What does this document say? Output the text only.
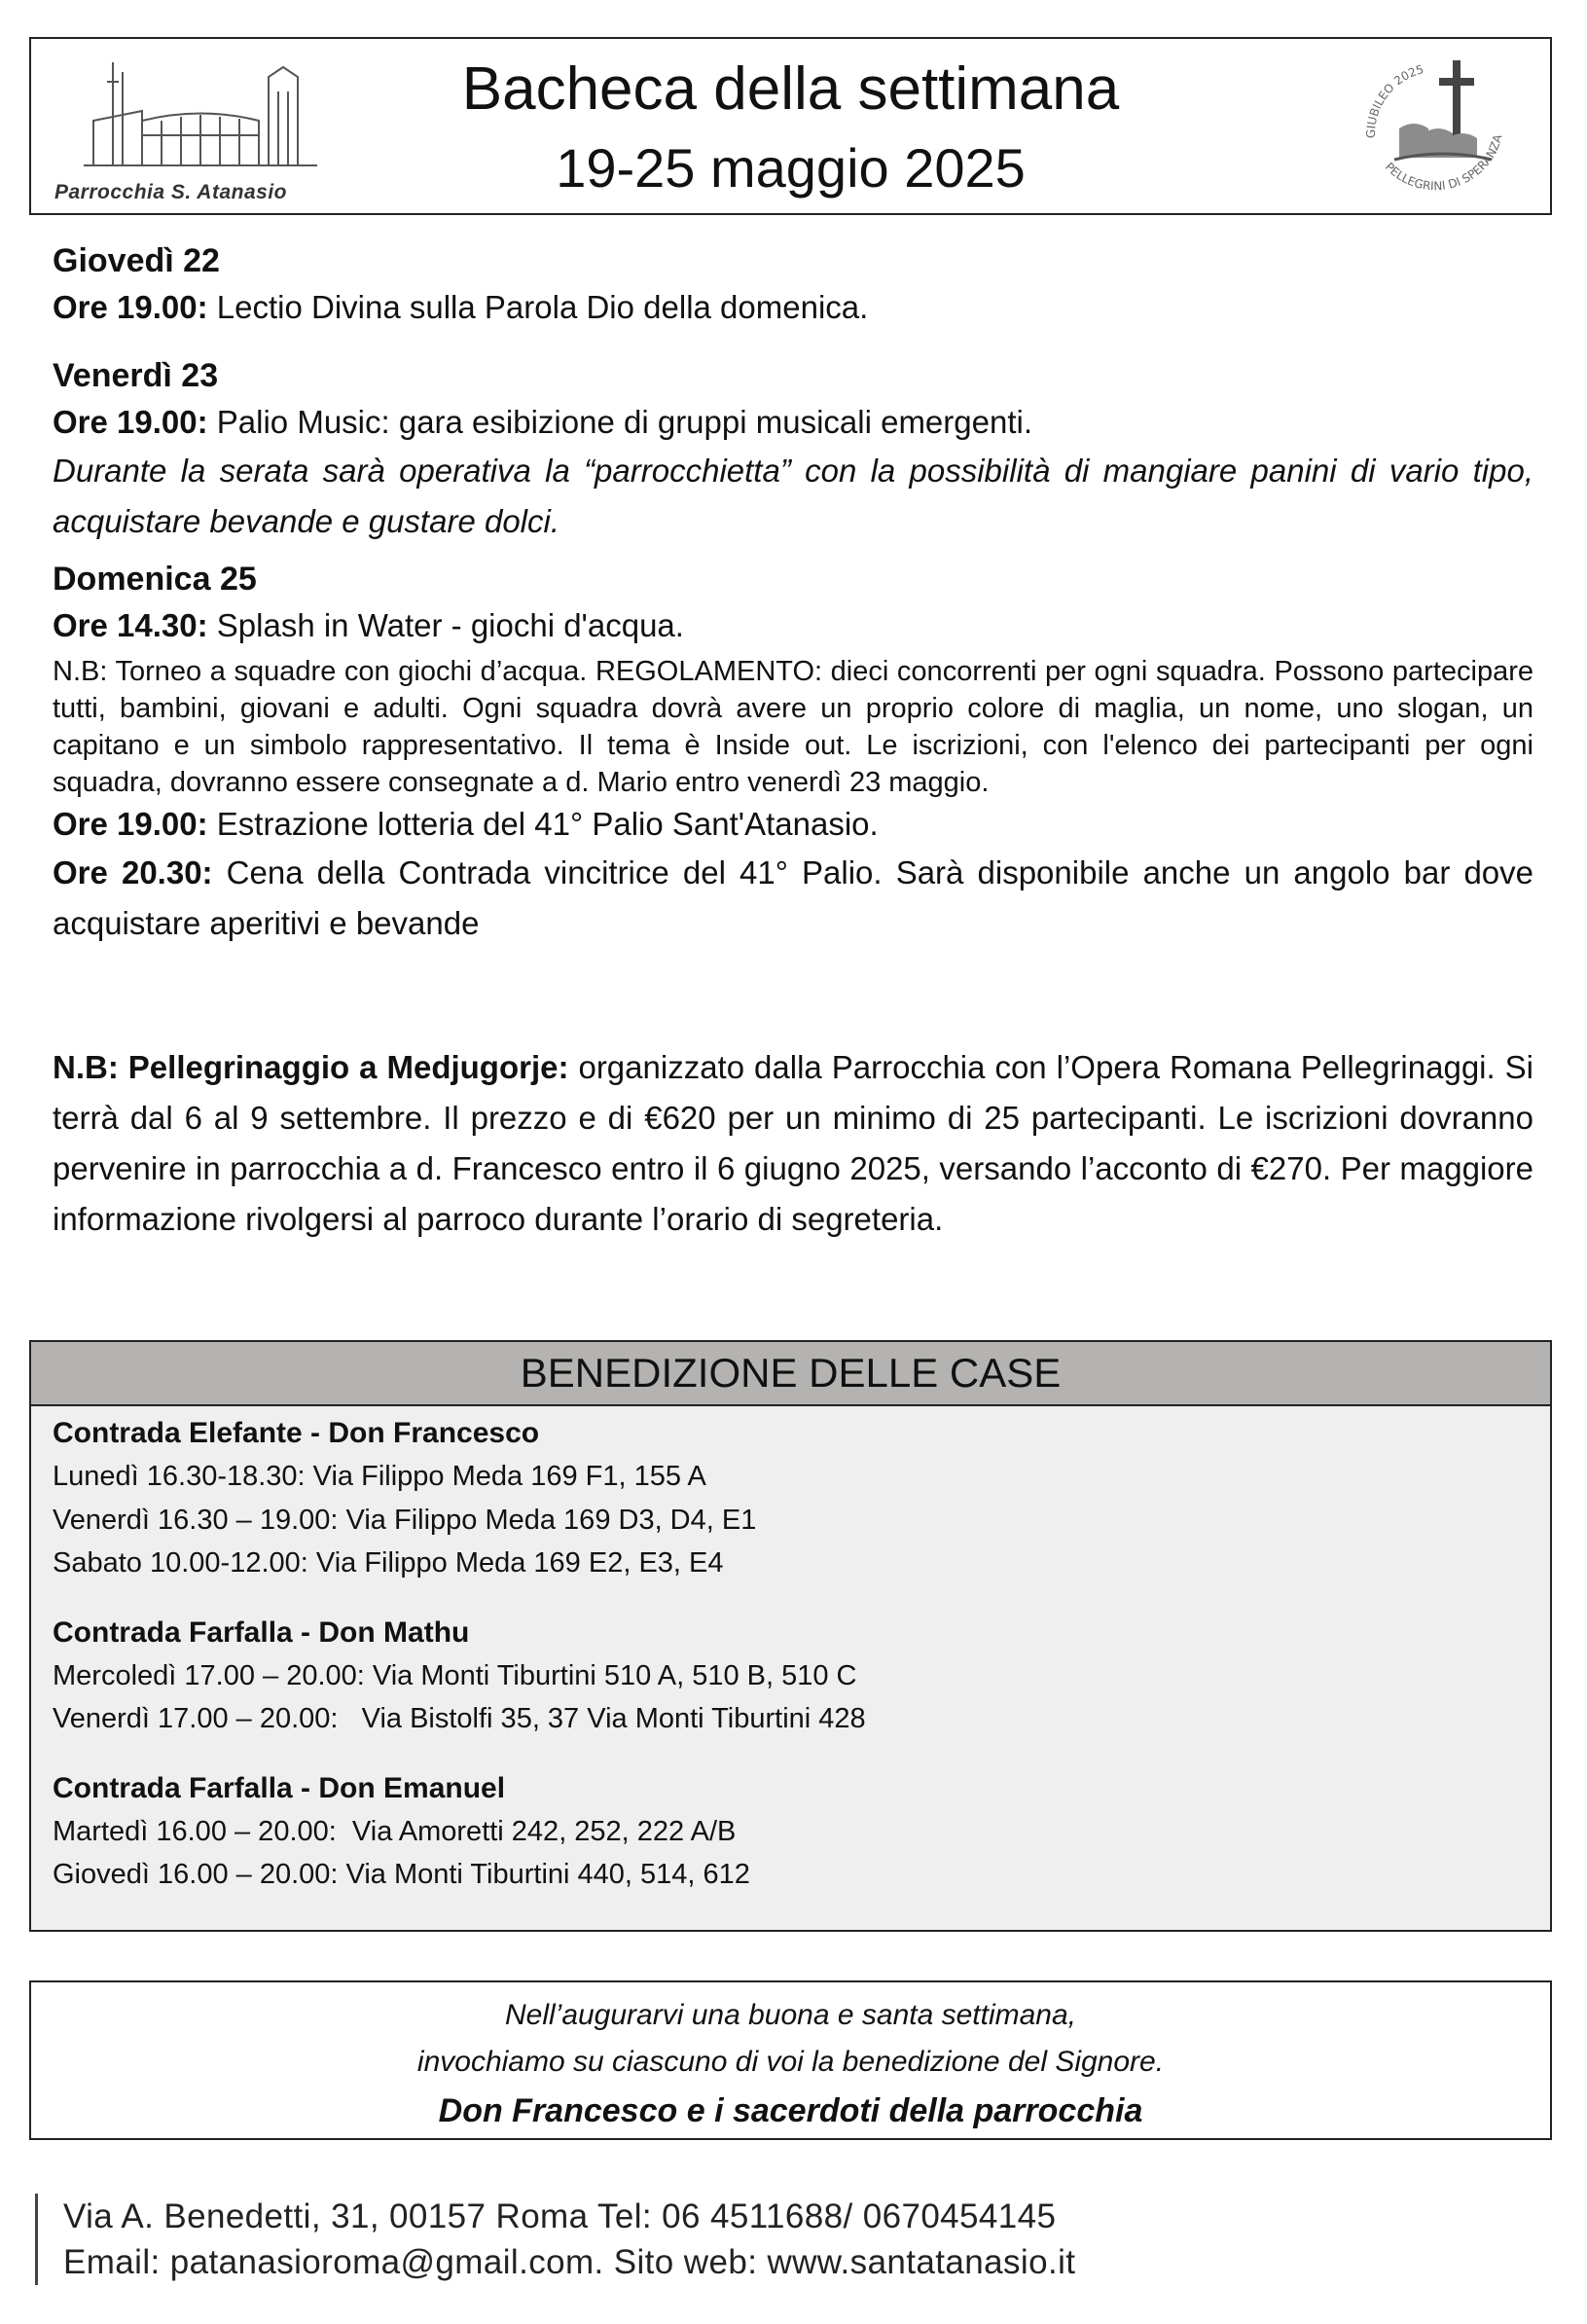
Parrocchia S. Atanasio
Bacheca della settimana
19-25 maggio 2025
GIUBILEO 2025
PELLEGRINI DI SPERANZA

Giovedì 22

Ore 19.00: Lectio Divina sulla Parola Dio della domenica.

Venerdì 23

Ore 19.00: Palio Music: gara esibizione di gruppi musicali emergenti.

Durante la serata sarà operativa la “parrocchietta” con la possibilità di mangiare panini di vario tipo, acquistare bevande e gustare dolci.

Domenica 25

Ore 14.30: Splash in Water - giochi d'acqua.

N.B: Torneo a squadre con giochi d’acqua. REGOLAMENTO: dieci concorrenti per ogni squadra. Possono partecipare tutti, bambini, giovani e adulti. Ogni squadra dovrà avere un proprio colore di maglia, un nome, uno slogan, un capitano e un simbolo rappresentativo. Il tema è Inside out. Le iscrizioni, con l'elenco dei partecipanti per ogni squadra, dovranno essere consegnate a d. Mario entro venerdì 23 maggio.

Ore 19.00: Estrazione lotteria del 41° Palio Sant'Atanasio.

Ore 20.30: Cena della Contrada vincitrice del 41° Palio. Sarà disponibile anche un angolo bar dove acquistare aperitivi e bevande

N.B: Pellegrinaggio a Medjugorje: organizzato dalla Parrocchia con l’Opera Romana Pellegrinaggi. Si terrà dal 6 al 9 settembre. Il prezzo e di €620 per un minimo di 25 partecipanti. Le iscrizioni dovranno pervenire in parrocchia a d. Francesco entro il 6 giugno 2025, versando l’acconto di €270. Per maggiore informazione rivolgersi al parroco durante l’orario di segreteria.

BENEDIZIONE DELLE CASE

Contrada Elefante - Don Francesco

Lunedì 16.30-18.30: Via Filippo Meda 169 F1, 155 A

Venerdì 16.30 – 19.00: Via Filippo Meda 169 D3, D4, E1

Sabato 10.00-12.00: Via Filippo Meda 169 E2, E3, E4

Contrada Farfalla - Don Mathu

Mercoledì 17.00 – 20.00: Via Monti Tiburtini 510 A, 510 B, 510 C

Venerdì 17.00 – 20.00:   Via Bistolfi 35, 37 Via Monti Tiburtini 428

Contrada Farfalla - Don Emanuel

Martedì 16.00 – 20.00:  Via Amoretti 242, 252, 222 A/B

Giovedì 16.00 – 20.00: Via Monti Tiburtini 440, 514, 612

Nell’augurarvi una buona e santa settimana,
invochiamo su ciascuno di voi la benedizione del Signore.
Don Francesco e i sacerdoti della parrocchia
Via A. Benedetti, 31, 00157 Roma Tel: 06 4511688/ 0670454145
Email: patanasioroma@gmail.com. Sito web: www.santatanasio.it
